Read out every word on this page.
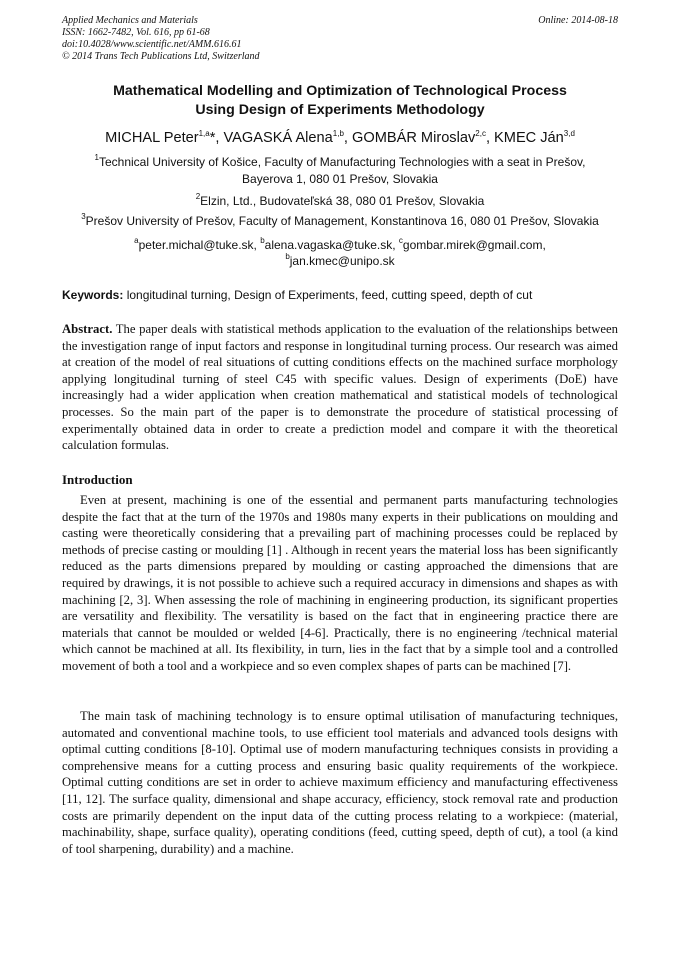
Applied Mechanics and Materials
ISSN: 1662-7482, Vol. 616, pp 61-68
doi:10.4028/www.scientific.net/AMM.616.61
© 2014 Trans Tech Publications Ltd, Switzerland
Online: 2014-08-18
Mathematical Modelling and Optimization of Technological Process
Using Design of Experiments Methodology
MICHAL Peter$^{1,a}$*, VAGASKÁ Alena$^{1,b}$, GOMBÁR Miroslav$^{2,c}$, KMEC Ján$^{3,d}$
$^1$Technical University of Košice, Faculty of Manufacturing Technologies with a seat in Prešov, Bayerova 1, 080 01 Prešov, Slovakia
$^2$Elzin, Ltd., Budovateľská 38, 080 01 Prešov, Slovakia
$^3$Prešov University of Prešov, Faculty of Management, Konstantinova 16, 080 01 Prešov, Slovakia
$^a$peter.michal@tuke.sk, $^b$alena.vagaska@tuke.sk, $^c$gombar.mirek@gmail.com,
$^b$jan.kmec@unipo.sk
Keywords: longitudinal turning, Design of Experiments, feed, cutting speed, depth of cut
Abstract. The paper deals with statistical methods application to the evaluation of the relationships between the investigation range of input factors and response in longitudinal turning process. Our research was aimed at creation of the model of real situations of cutting conditions effects on the machined surface morphology applying longitudinal turning of steel C45 with specific values. Design of experiments (DoE) have increasingly had a wider application when creation mathematical and statistical models of technological processes. So the main part of the paper is to demonstrate the procedure of statistical processing of experimentally obtained data in order to create a prediction model and compare it with the theoretical calculation formulas.
Introduction
Even at present, machining is one of the essential and permanent parts manufacturing technologies despite the fact that at the turn of the 1970s and 1980s many experts in their publications on moulding and casting were theoretically considering that a prevailing part of machining processes could be replaced by methods of precise casting or moulding [1] . Although in recent years the material loss has been significantly reduced as the parts dimensions prepared by moulding or casting approached the dimensions that are required by drawings, it is not possible to achieve such a required accuracy in dimensions and shapes as with machining [2, 3]. When assessing the role of machining in engineering production, its significant properties are versatility and flexibility. The versatility is based on the fact that in engineering practice there are materials that cannot be moulded or welded [4-6]. Practically, there is no engineering /technical material which cannot be machined at all. Its flexibility, in turn, lies in the fact that by a simple tool and a controlled movement of both a tool and a workpiece and so even complex shapes of parts can be machined [7].
The main task of machining technology is to ensure optimal utilisation of manufacturing techniques, automated and conventional machine tools, to use efficient tool materials and advanced tools designs with optimal cutting conditions [8-10]. Optimal use of modern manufacturing techniques consists in providing a comprehensive means for a cutting process and ensuring basic quality requirements of the workpiece. Optimal cutting conditions are set in order to achieve maximum efficiency and manufacturing effectiveness [11, 12]. The surface quality, dimensional and shape accuracy, efficiency, stock removal rate and production costs are primarily dependent on the input data of the cutting process relating to a workpiece: (material, machinability, shape, surface quality), operating conditions (feed, cutting speed, depth of cut), a tool (a kind of tool sharpening, durability) and a machine.
